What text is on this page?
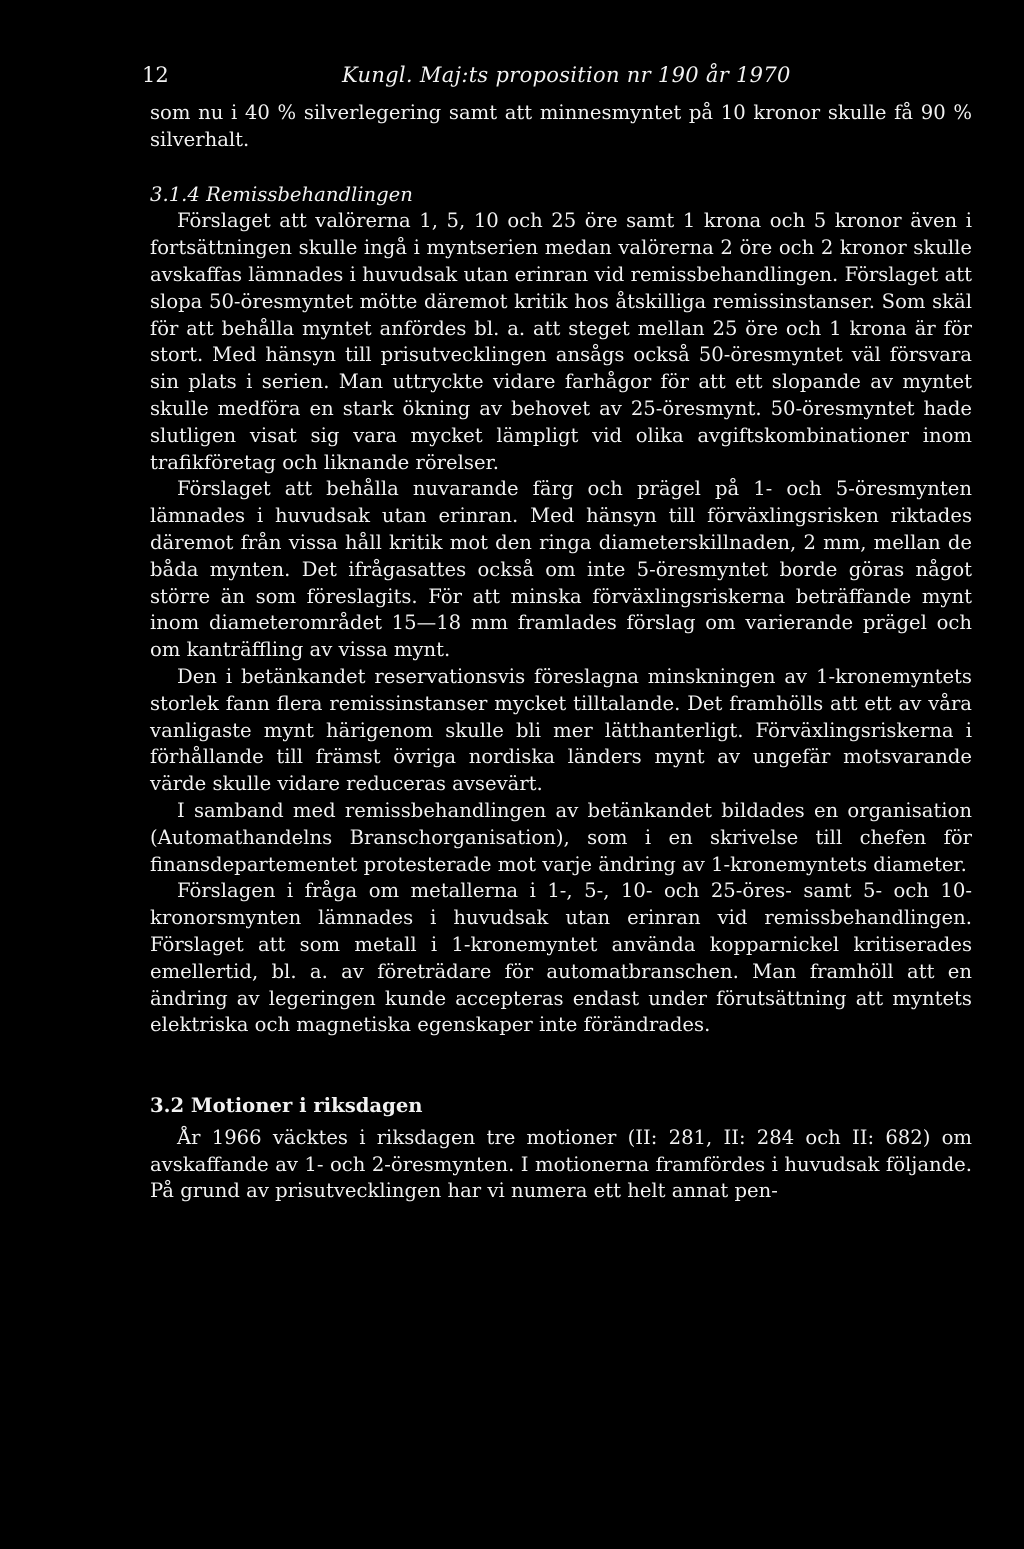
12	Kungl. Maj:ts proposition nr 190 år 1970

som nu i 40 % silverlegering samt att minnesmyntet på 10 kronor skulle få 90 % silverhalt.

3.1.4 Remissbehandlingen

Förslaget att valörerna 1, 5, 10 och 25 öre samt 1 krona och 5 kronor även i fortsättningen skulle ingå i myntserien medan valörerna 2 öre och 2 kronor skulle avskaffas lämnades i huvudsak utan erinran vid remissbehandlingen. Förslaget att slopa 50-öresmyntet mötte däremot kritik hos åtskilliga remissinstanser. Som skäl för att behålla myntet anfördes bl. a. att steget mellan 25 öre och 1 krona är för stort. Med hänsyn till prisutvecklingen ansågs också 50-öresmyntet väl försvara sin plats i serien. Man uttryckte vidare farhågor för att ett slopande av myntet skulle medföra en stark ökning av behovet av 25-öresmynt. 50-öresmyntet hade slutligen visat sig vara mycket lämpligt vid olika avgiftskombinationer inom trafikföretag och liknande rörelser.

Förslaget att behålla nuvarande färg och prägel på 1- och 5-öresmynten lämnades i huvudsak utan erinran. Med hänsyn till förväxlingsrisken riktades däremot från vissa håll kritik mot den ringa diameterskillnaden, 2 mm, mellan de båda mynten. Det ifrågasattes också om inte 5-öresmyntet borde göras något större än som föreslagits. För att minska förväxlingsriskerna beträffande mynt inom diameterområdet 15—18 mm framlades förslag om varierande prägel och om kanträffling av vissa mynt.

Den i betänkandet reservationsvis föreslagna minskningen av 1-kronemyntets storlek fann flera remissinstanser mycket tilltalande. Det framhölls att ett av våra vanligaste mynt härigenom skulle bli mer lätthanterligt. Förväxlingsriskerna i förhållande till främst övriga nordiska länders mynt av ungefär motsvarande värde skulle vidare reduceras avsevärt.

I samband med remissbehandlingen av betänkandet bildades en organisation (Automathandelns Branschorganisation), som i en skrivelse till chefen för finansdepartementet protesterade mot varje ändring av 1-kronemyntets diameter.

Förslagen i fråga om metallerna i 1-, 5-, 10- och 25-öres- samt 5- och 10-kronorsmynten lämnades i huvudsak utan erinran vid remissbehandlingen. Förslaget att som metall i 1-kronemyntet använda kopparnickel kritiserades emellertid, bl. a. av företrädare för automatbranschen. Man framhöll att en ändring av legeringen kunde accepteras endast under förutsättning att myntets elektriska och magnetiska egenskaper inte förändrades.

3.2 Motioner i riksdagen

År 1966 väcktes i riksdagen tre motioner (II: 281, II: 284 och II: 682) om avskaffande av 1- och 2-öresmynten. I motionerna framfördes i huvudsak följande. På grund av prisutvecklingen har vi numera ett helt annat pen-
